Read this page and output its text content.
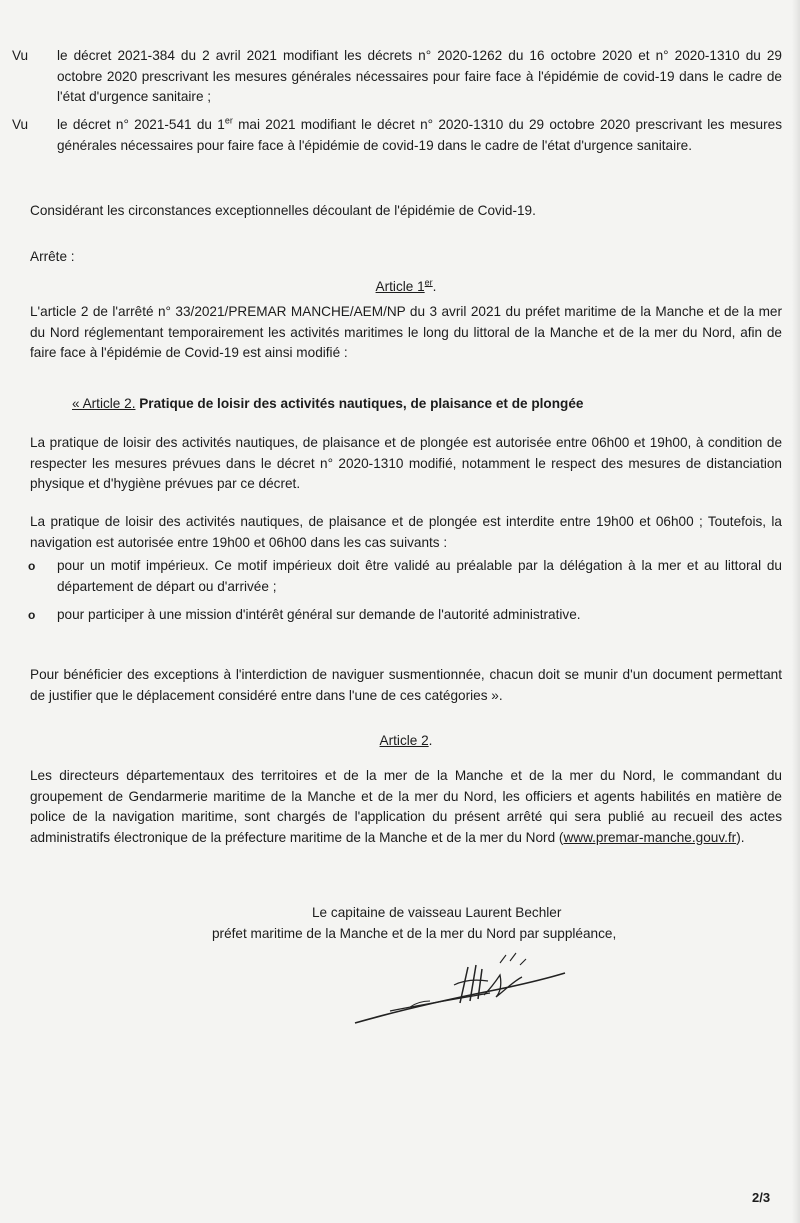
Vu le décret 2021-384 du 2 avril 2021 modifiant les décrets n° 2020-1262 du 16 octobre 2020 et n° 2020-1310 du 29 octobre 2020 prescrivant les mesures générales nécessaires pour faire face à l'épidémie de covid-19 dans le cadre de l'état d'urgence sanitaire ;
Vu le décret n° 2021-541 du 1er mai 2021 modifiant le décret n° 2020-1310 du 29 octobre 2020 prescrivant les mesures générales nécessaires pour faire face à l'épidémie de covid-19 dans le cadre de l'état d'urgence sanitaire.
Considérant les circonstances exceptionnelles découlant de l'épidémie de Covid-19.
Arrête :
Article 1er.
L'article 2 de l'arrêté n° 33/2021/PREMAR MANCHE/AEM/NP du 3 avril 2021 du préfet maritime de la Manche et de la mer du Nord réglementant temporairement les activités maritimes le long du littoral de la Manche et de la mer du Nord, afin de faire face à l'épidémie de Covid-19 est ainsi modifié :
« Article 2. Pratique de loisir des activités nautiques, de plaisance et de plongée
La pratique de loisir des activités nautiques, de plaisance et de plongée est autorisée entre 06h00 et 19h00, à condition de respecter les mesures prévues dans le décret n° 2020-1310 modifié, notamment le respect des mesures de distanciation physique et d'hygiène prévues par ce décret.
La pratique de loisir des activités nautiques, de plaisance et de plongée est interdite entre 19h00 et 06h00 ; Toutefois, la navigation est autorisée entre 19h00 et 06h00 dans les cas suivants :
o pour un motif impérieux. Ce motif impérieux doit être validé au préalable par la délégation à la mer et au littoral du département de départ ou d'arrivée ;
o pour participer à une mission d'intérêt général sur demande de l'autorité administrative.
Pour bénéficier des exceptions à l'interdiction de naviguer susmentionnée, chacun doit se munir d'un document permettant de justifier que le déplacement considéré entre dans l'une de ces catégories ».
Article 2.
Les directeurs départementaux des territoires et de la mer de la Manche et de la mer du Nord, le commandant du groupement de Gendarmerie maritime de la Manche et de la mer du Nord, les officiers et agents habilités en matière de police de la navigation maritime, sont chargés de l'application du présent arrêté qui sera publié au recueil des actes administratifs électronique de la préfecture maritime de la Manche et de la mer du Nord (www.premar-manche.gouv.fr).
Le capitaine de vaisseau Laurent Bechler
préfet maritime de la Manche et de la mer du Nord par suppléance,
2/3
